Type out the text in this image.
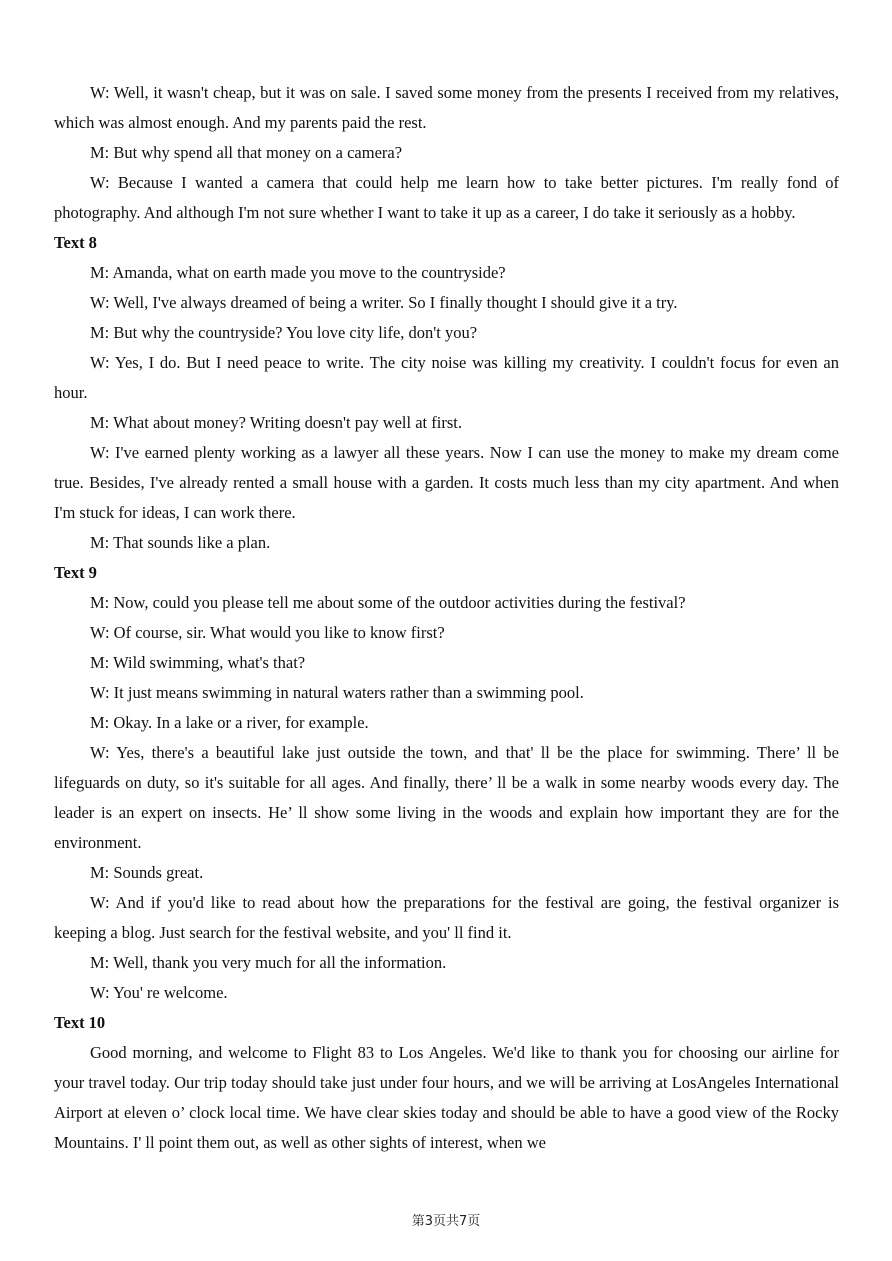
W: Well, it wasn't cheap, but it was on sale. I saved some money from the presents I received from my relatives, which was almost enough. And my parents paid the rest.

M: But why spend all that money on a camera?

W: Because I wanted a camera that could help me learn how to take better pictures. I'm really fond of photography. And although I'm not sure whether I want to take it up as a career, I do take it seriously as a hobby.

Text 8

M: Amanda, what on earth made you move to the countryside?

W: Well, I've always dreamed of being a writer. So I finally thought I should give it a try.

M: But why the countryside? You love city life, don't you?

W: Yes, I do. But I need peace to write. The city noise was killing my creativity. I couldn't focus for even an hour.

M: What about money? Writing doesn't pay well at first.

W: I've earned plenty working as a lawyer all these years. Now I can use the money to make my dream come true. Besides, I've already rented a small house with a garden. It costs much less than my city apartment. And when I'm stuck for ideas, I can work there.

M: That sounds like a plan.

Text 9

M: Now, could you please tell me about some of the outdoor activities during the festival?

W: Of course, sir. What would you like to know first?

M: Wild swimming, what's that?

W: It just means swimming in natural waters rather than a swimming pool.

M: Okay. In a lake or a river, for example.

W: Yes, there's a beautiful lake just outside the town, and that' ll be the place for swimming. There’ ll be lifeguards on duty, so it's suitable for all ages. And finally, there’ ll be a walk in some nearby woods every day. The leader is an expert on insects. He’ ll show some living in the woods and explain how important they are for the environment.

M: Sounds great.

W: And if you'd like to read about how the preparations for the festival are going, the festival organizer is keeping a blog. Just search for the festival website, and you' ll find it.

M: Well, thank you very much for all the information.

W: You' re welcome.

Text 10

Good morning, and welcome to Flight 83 to Los Angeles. We'd like to thank you for choosing our airline for your travel today. Our trip today should take just under four hours, and we will be arriving at LosAngeles International Airport at eleven o’ clock local time. We have clear skies today and should be able to have a good view of the Rocky Mountains. I' ll point them out, as well as other sights of interest, when we

第3页共7页
